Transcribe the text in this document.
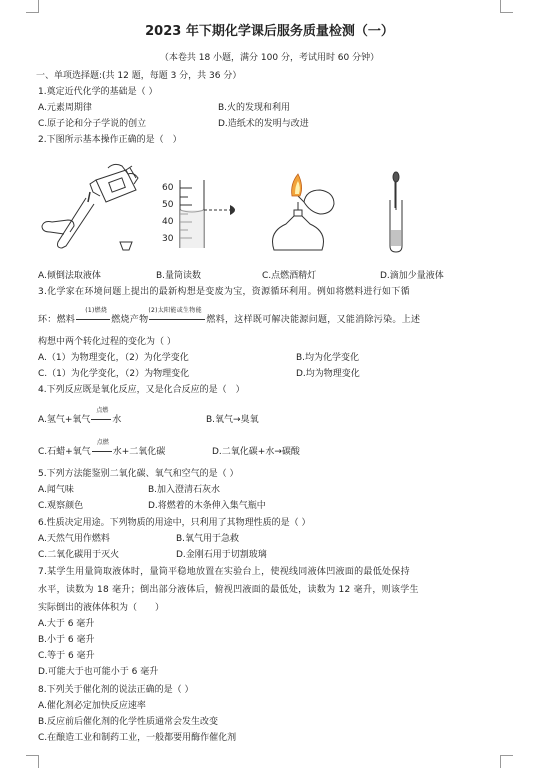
2023 年下期化学课后服务质量检测（一）
（本卷共 18 小题，满分 100 分，考试用时 60 分钟）
一、单项选择题:(共 12 题，每题 3 分，共 36 分）
1.奠定近代化学的基础是（ ）
A.元素周期律	B.火的发现和利用
C.原子论和分子学说的创立	D.造纸术的发明与改进
2.下图所示基本操作正确的是（　）
60
50
40
30
A.倾倒法取液体	B.量筒读数	C.点燃酒精灯	D.滴加少量液体
3.化学家在环境问题上提出的最新构想是变废为宝，资源循环利用。例如将燃料进行如下循
环：燃料
(1)燃烧
燃烧产物
(2)太阳能或生物能
燃料，这样既可解决能源问题，又能消除污染。上述
构想中两个转化过程的变化为（ ）
A.（1）为物理变化，（2）为化学变化	B.均为化学变化
C.（1）为化学变化，（2）为物理变化	D.均为物理变化
4.下列反应既是氧化反应，又是化合反应的是（　）
A.氢气+氧气
点燃
水	B.氧气→臭氧
C.石蜡+氧气
点燃
水+二氧化碳	D.二氧化碳+水→碳酸
5.下列方法能鉴别二氧化碳、氧气和空气的是（ ）
A.闻气味	B.加入澄清石灰水
C.观察颜色	D.将燃着的木条伸入集气瓶中
6.性质决定用途。下列物质的用途中，只利用了其物理性质的是（ ）
A.天然气用作燃料	B.氧气用于急救
C.二氧化碳用于灭火	D.金刚石用于切割玻璃
7.某学生用量筒取液体时，量筒平稳地放置在实验台上，使视线同液体凹液面的最低处保持
水平，读数为 18 毫升；倒出部分液体后，俯视凹液面的最低处，读数为 12 毫升，则该学生
实际倒出的液体体积为（　　）
A.大于 6 毫升
B.小于 6 毫升
C.等于 6 毫升
D.可能大于也可能小于 6 毫升
8.下列关于催化剂的说法正确的是（ ）
A.催化剂必定加快反应速率
B.反应前后催化剂的化学性质通常会发生改变
C.在酿造工业和制药工业，一般都要用酶作催化剂
